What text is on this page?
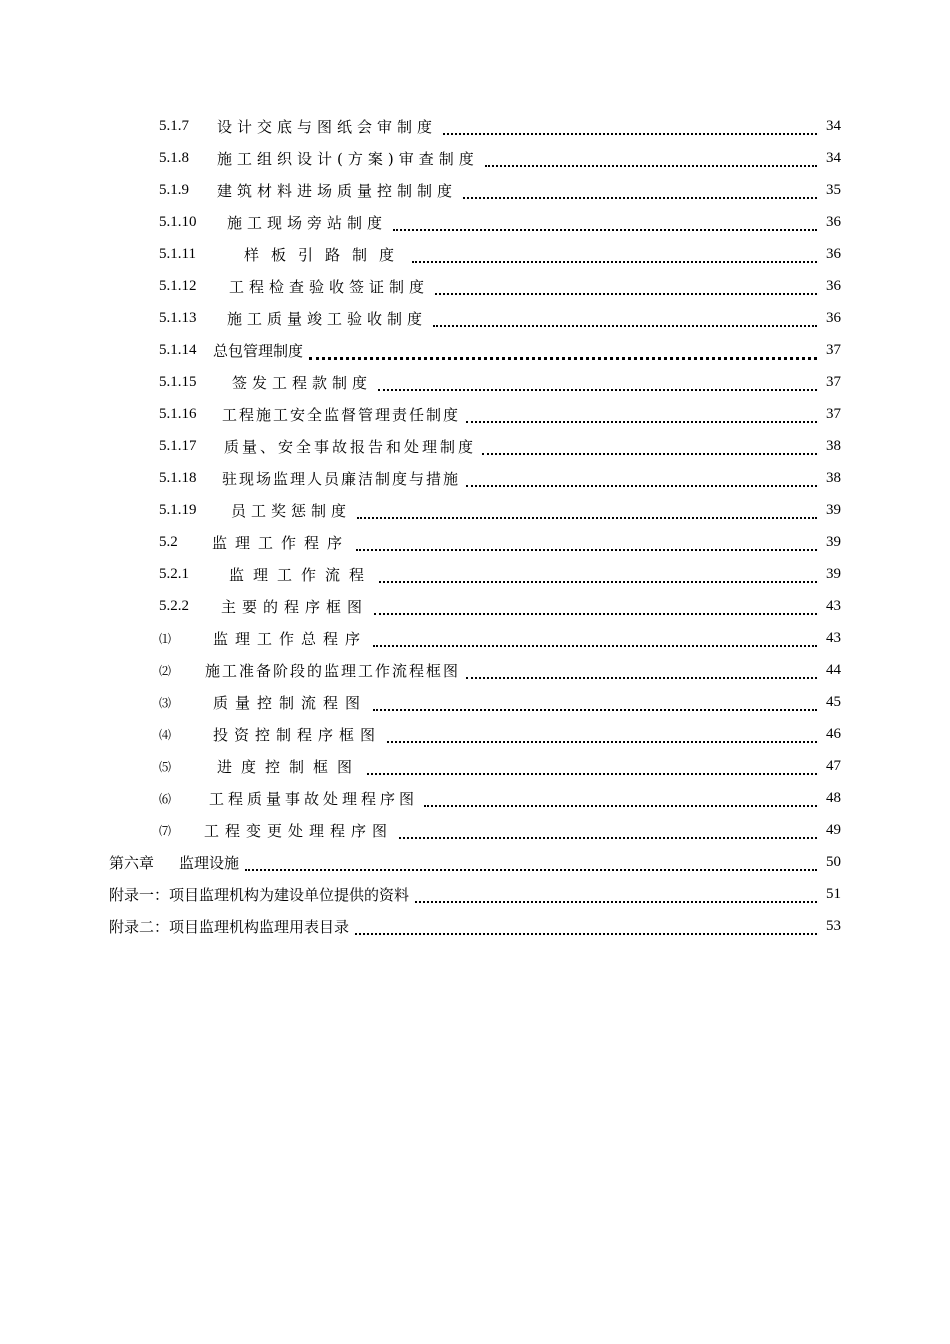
5.1.7	设计交底与图纸会审制度	34
5.1.8	施工组织设计(方案)审查制度	34
5.1.9	建筑材料进场质量控制制度	35
5.1.10	施工现场旁站制度	36
5.1.11	样板引路制度	36
5.1.12	工程检查验收签证制度	36
5.1.13	施工质量竣工验收制度	36
5.1.14	总包管理制度	37
5.1.15	签发工程款制度	37
5.1.16	工程施工安全监督管理责任制度	37
5.1.17	质量、安全事故报告和处理制度	38
5.1.18	驻现场监理人员廉洁制度与措施	38
5.1.19	员工奖惩制度	39
5.2	监理工作程序	39
5.2.1	监理工作流程	39
5.2.2	主要的程序框图	43
⑴	监理工作总程序	43
⑵	施工准备阶段的监理工作流程框图	44
⑶	质量控制流程图	45
⑷	投资控制程序框图	46
⑸	进度控制框图	47
⑹	工程质量事故处理程序图	48
⑺	工程变更处理程序图	49
第六章	监理设施	50
附录一： 项目监理机构为建设单位提供的资料	51
附录二： 项目监理机构监理用表目录	53
